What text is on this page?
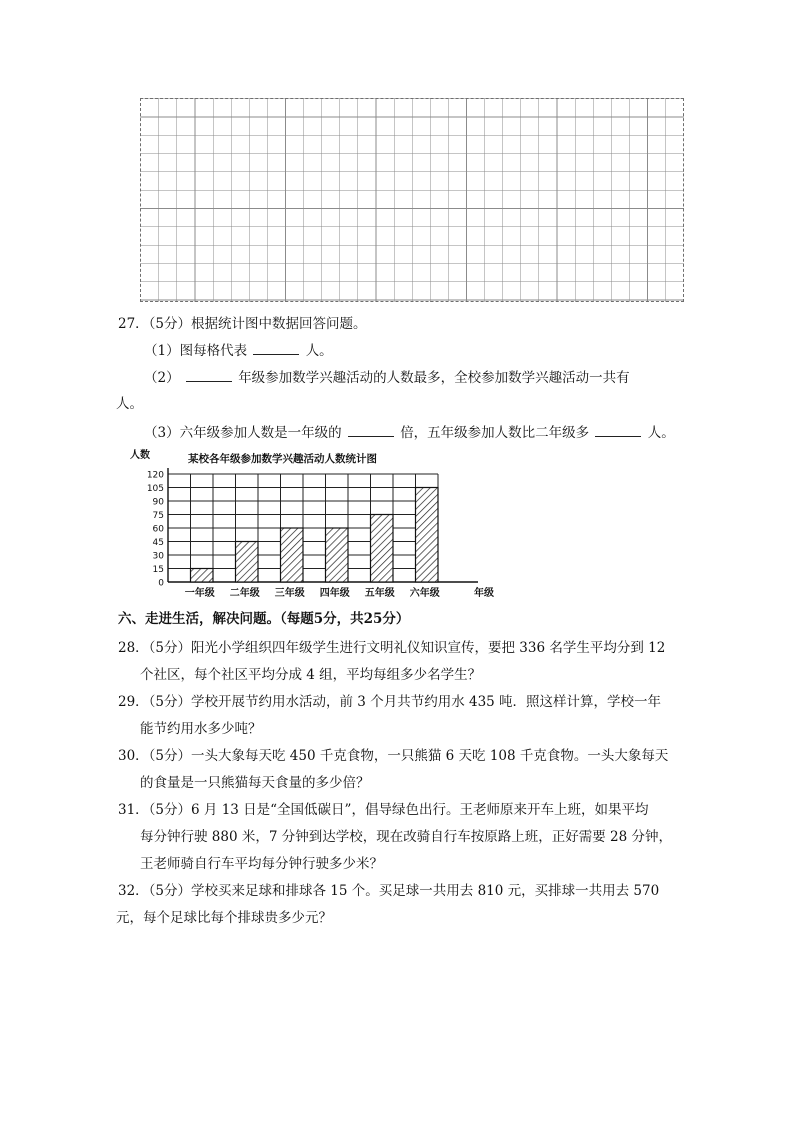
27．（5分）根据统计图中数据回答问题。
（1）图每格代表	人。
（2）	年级参加数学兴趣活动的人数最多，全校参加数学兴趣活动一共有
人。
（3）六年级参加人数是一年级的	倍，五年级参加人数比二年级多	人。
0
15
30
45
60
75
90
105
120
一年级 二年级 三年级 四年级 五年级 六年级
某校各年级参加数学兴趣活动人数统计图
人数
年级
六、走进生活，解决问题。（每题5分，共25分）
28．（5分）阳光小学组织四年级学生进行文明礼仪知识宣传，要把 336 名学生平均分到 12
个社区，每个社区平均分成 4 组，平均每组多少名学生？
29．（5分）学校开展节约用水活动，前 3 个月共节约用水 435 吨．照这样计算，学校一年
能节约用水多少吨？
30．（5分）一头大象每天吃 450 千克食物，一只熊猫 6 天吃 108 千克食物。一头大象每天
的食量是一只熊猫每天食量的多少倍？
31．（5分）6 月 13 日是“全国低碳日”，倡导绿色出行。王老师原来开车上班，如果平均
每分钟行驶 880 米，7 分钟到达学校，现在改骑自行车按原路上班，正好需要 28 分钟，
王老师骑自行车平均每分钟行驶多少米？
32．（5分）学校买来足球和排球各 15 个。买足球一共用去 810 元，买排球一共用去 570
元，每个足球比每个排球贵多少元？
